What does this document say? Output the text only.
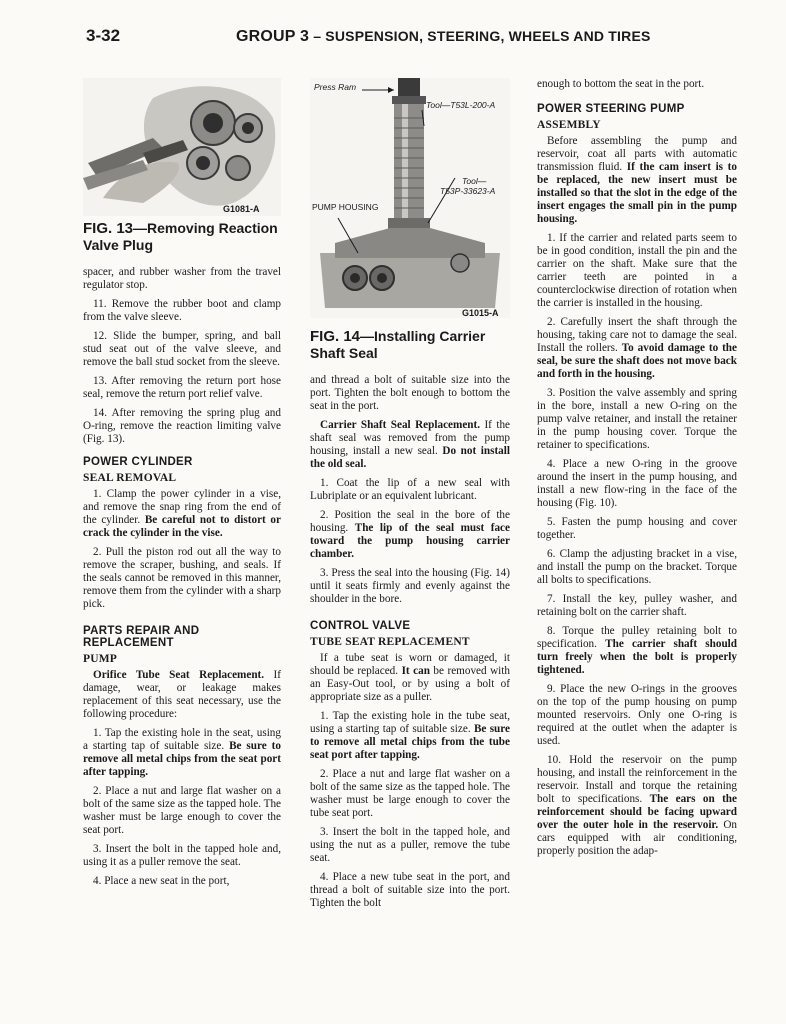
3-32	GROUP 3 – SUSPENSION, STEERING, WHEELS AND TIRES
G1081-A
FIG. 13—Removing Reaction Valve Plug

spacer, and rubber washer from the travel regulator stop.

11. Remove the rubber boot and clamp from the valve sleeve.

12. Slide the bumper, spring, and ball stud seat out of the valve sleeve, and remove the ball stud socket from the sleeve.

13. After removing the return port hose seal, remove the return port relief valve.

14. After removing the spring plug and O-ring, remove the reaction limiting valve (Fig. 13).

POWER CYLINDER
SEAL REMOVAL

1. Clamp the power cylinder in a vise, and remove the snap ring from the end of the cylinder. Be careful not to distort or crack the cylinder in the vise.

2. Pull the piston rod out all the way to remove the scraper, bushing, and seals. If the seals cannot be removed in this manner, remove them from the cylinder with a sharp pick.

PARTS REPAIR AND REPLACEMENT
PUMP

Orifice Tube Seat Replacement. If damage, wear, or leakage makes replacement of this seat necessary, use the following procedure:

1. Tap the existing hole in the seat, using a starting tap of suitable size. Be sure to remove all metal chips from the seat port after tapping.

2. Place a nut and large flat washer on a bolt of the same size as the tapped hole. The washer must be large enough to cover the seat port.

3. Insert the bolt in the tapped hole and, using it as a puller remove the seat.

4. Place a new seat in the port,

Press Ram
Tool—T53L-200-A
Tool—
T53P-33623-A
PUMP HOUSING
G1015-A
FIG. 14—Installing Carrier Shaft Seal

and thread a bolt of suitable size into the port. Tighten the bolt enough to bottom the seat in the port.

Carrier Shaft Seal Replacement. If the shaft seal was removed from the pump housing, install a new seal. Do not install the old seal.

1. Coat the lip of a new seal with Lubriplate or an equivalent lubricant.

2. Position the seal in the bore of the housing. The lip of the seal must face toward the pump housing carrier chamber.

3. Press the seal into the housing (Fig. 14) until it seats firmly and evenly against the shoulder in the bore.

CONTROL VALVE
TUBE SEAT REPLACEMENT

If a tube seat is worn or damaged, it should be replaced. It can be removed with an Easy-Out tool, or by using a bolt of appropriate size as a puller.

1. Tap the existing hole in the tube seat, using a starting tap of suitable size. Be sure to remove all metal chips from the tube seat port after tapping.

2. Place a nut and large flat washer on a bolt of the same size as the tapped hole. The washer must be large enough to cover the tube seat port.

3. Insert the bolt in the tapped hole, and using the nut as a puller, remove the tube seat.

4. Place a new tube seat in the port, and thread a bolt of suitable size into the port. Tighten the bolt

enough to bottom the seat in the port.

POWER STEERING PUMP
ASSEMBLY

Before assembling the pump and reservoir, coat all parts with automatic transmission fluid. If the cam insert is to be replaced, the new insert must be installed so that the slot in the edge of the insert engages the small pin in the pump housing.

1. If the carrier and related parts seem to be in good condition, install the pin and the carrier on the shaft. Make sure that the carrier teeth are pointed in a counterclockwise direction of rotation when the carrier is installed in the housing.

2. Carefully insert the shaft through the housing, taking care not to damage the seal. Install the rollers. To avoid damage to the seal, be sure the shaft does not move back and forth in the housing.

3. Position the valve assembly and spring in the bore, install a new O-ring on the pump valve retainer, and install the retainer in the pump housing cover. Torque the retainer to specifications.

4. Place a new O-ring in the groove around the insert in the pump housing, and install a new flow-ring in the face of the housing (Fig. 10).

5. Fasten the pump housing and cover together.

6. Clamp the adjusting bracket in a vise, and install the pump on the bracket. Torque all bolts to specifications.

7. Install the key, pulley washer, and retaining bolt on the carrier shaft.

8. Torque the pulley retaining bolt to specification. The carrier shaft should turn freely when the bolt is properly tightened.

9. Place the new O-rings in the grooves on the top of the pump housing on pump mounted reservoirs. Only one O-ring is required at the outlet when the adapter is used.

10. Hold the reservoir on the pump housing, and install the reinforcement in the reservoir. Install and torque the retaining bolt to specifications. The ears on the reinforcement should be facing upward over the outer hole in the reservoir. On cars equipped with air conditioning, properly position the adap-
